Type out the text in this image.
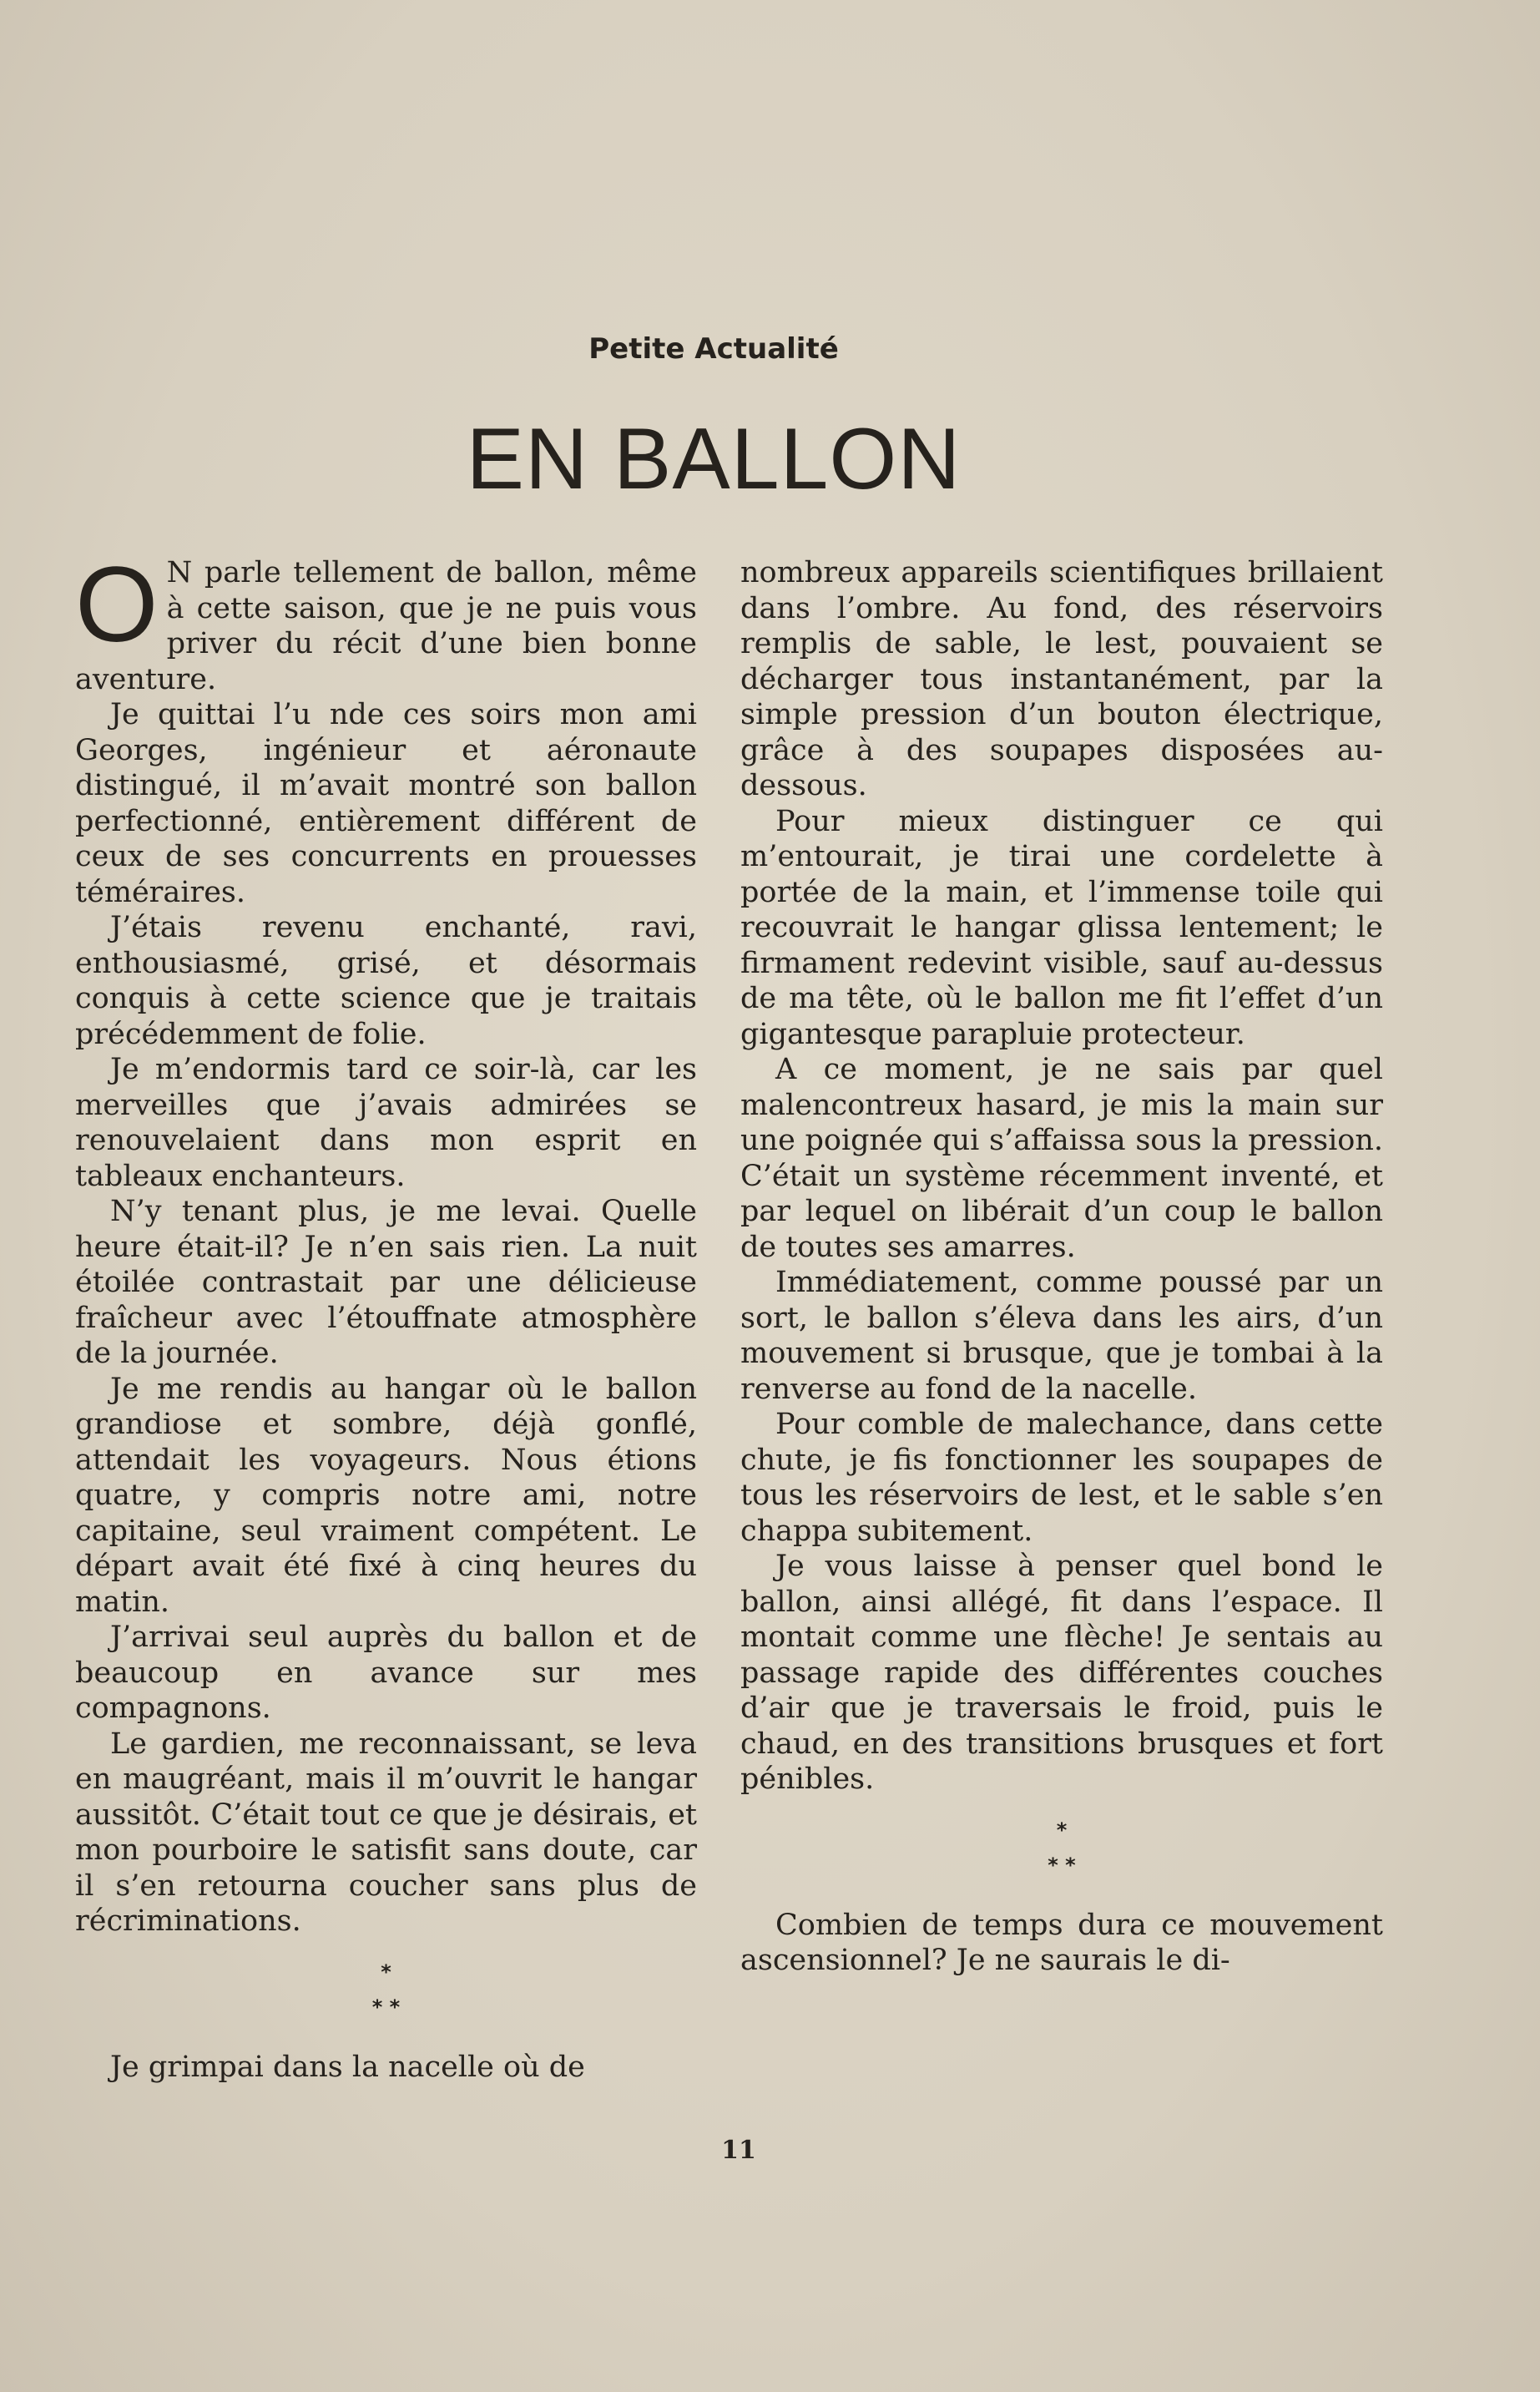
Petite Actualité
EN BALLON

O N parle tellement de ballon, même à cette saison, que je ne puis vous priver du récit d’une bien bonne aventure.

Je quittai l’u nde ces soirs mon ami Georges, ingénieur et aéronaute distingué, il m’avait montré son ballon perfectionné, entièrement différent de ceux de ses concurrents en prouesses téméraires.

J’étais revenu enchanté, ravi, enthousiasmé, grisé, et désormais conquis à cette science que je traitais précédemment de folie.

Je m’endormis tard ce soir-là, car les merveilles que j’avais admirées se renouvelaient dans mon esprit en tableaux enchanteurs.

N’y tenant plus, je me levai. Quelle heure était-il? Je n’en sais rien. La nuit étoilée contrastait par une délicieuse fraîcheur avec l’étouffnate atmosphère de la journée.

Je me rendis au hangar où le ballon grandiose et sombre, déjà gonflé, attendait les voyageurs. Nous étions quatre, y compris notre ami, notre capitaine, seul vraiment compétent. Le départ avait été fixé à cinq heures du matin.

J’arrivai seul auprès du ballon et de beaucoup en avance sur mes compagnons.

Le gardien, me reconnaissant, se leva en maugréant, mais il m’ouvrit le hangar aussitôt. C’était tout ce que je désirais, et mon pourboire le satisfit sans doute, car il s’en retourna coucher sans plus de récriminations.

*
* *

Je grimpai dans la nacelle où de

nombreux appareils scientifiques brillaient dans l’ombre. Au fond, des réservoirs remplis de sable, le lest, pouvaient se décharger tous instantanément, par la simple pression d’un bouton électrique, grâce à des soupapes disposées au-dessous.

Pour mieux distinguer ce qui m’entourait, je tirai une cordelette à portée de la main, et l’immense toile qui recouvrait le hangar glissa lentement; le firmament redevint visible, sauf au-dessus de ma tête, où le ballon me fit l’effet d’un gigantesque parapluie protecteur.

A ce moment, je ne sais par quel malencontreux hasard, je mis la main sur une poignée qui s’affaissa sous la pression. C’était un système récemment inventé, et par lequel on libérait d’un coup le ballon de toutes ses amarres.

Immédiatement, comme poussé par un sort, le ballon s’éleva dans les airs, d’un mouvement si brusque, que je tombai à la renverse au fond de la nacelle.

Pour comble de malechance, dans cette chute, je fis fonctionner les soupapes de tous les réservoirs de lest, et le sable s’en chappa subitement.

Je vous laisse à penser quel bond le ballon, ainsi allégé, fit dans l’espace. Il montait comme une flèche! Je sentais au passage rapide des différentes couches d’air que je traversais le froid, puis le chaud, en des transitions brusques et fort pénibles.

*
* *

Combien de temps dura ce mouvement ascensionnel? Je ne saurais le di-

11
